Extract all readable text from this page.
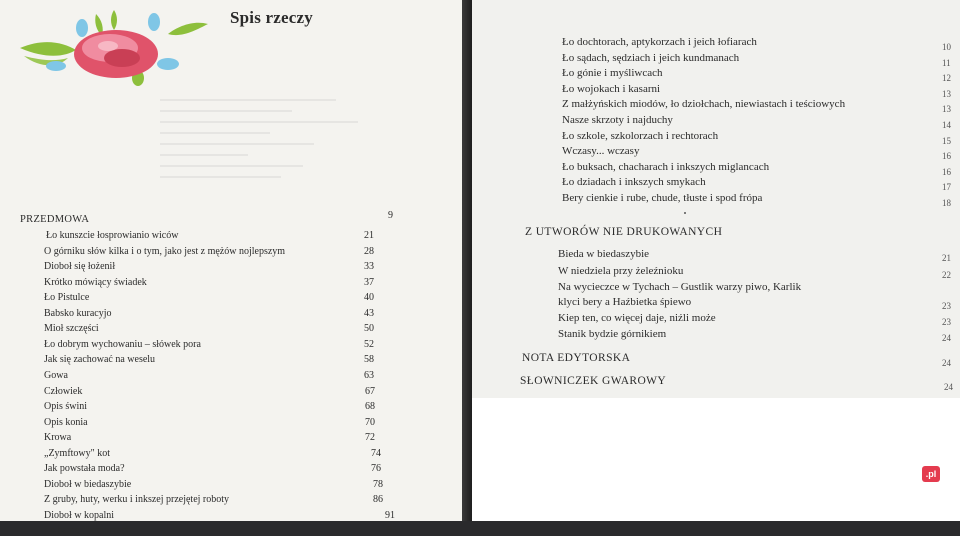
Spis rzeczy
PRZEDMOWA	9
Ło kunszcie łosprowianio wiców	21
O górniku słów kilka i o tym, jako jest z mężów nojlepszym	28
Dioboł się łożenił	33
Krótko mówiący świadek	37
Ło Pistulce	40
Babsko kuracyjo	43
Mioł szczęści	50
Ło dobrym wychowaniu – słówek pora	52
Jak się zachować na weselu	58
Gowa	63
Człowiek	67
Opis świni	68
Opis konia	70
Krowa	72
„Zymftowy" kot	74
Jak powstała moda?	76
Dioboł w biedaszybie	78
Z gruby, huty, werku i inkszej przejętej roboty	86
Dioboł w kopalni	91
Ło banie i baniorzach	95
Ło dochtorach, aptykorzach i jeich łofiarach	10
Ło sądach, sędziach i jeich kundmanach	11
Ło gónie i myśliwcach	12
Ło wojokach i kasarni	13
Z małżyńskich miodów, ło dziołchach, niewiastach i teściowych	13
Nasze skrzoty i najduchy	14
Ło szkole, szkolorzach i rechtorach	15
Wczasy... wczasy	16
Ło buksach, chacharach i inkszych miglancach	16
Ło dziadach i inkszych smykach	17
Bery cienkie i rube, chude, tłuste i spod frópa	18
Z UTWORÓW NIE DRUKOWANYCH
Bieda w biedaszybie	21
W niedziela przy żeleźnioku	22
Na wycieczce w Tychach – Gustlik warzy piwo, Karlik
klyci bery a Haźbietka śpiewo	23
Kiep ten, co więcej daje, niźli może	23
Stanik bydzie górnikiem	24
NOTA EDYTORSKA	24
SŁOWNICZEK GWAROWY	24
Sprzedajemy .pl
